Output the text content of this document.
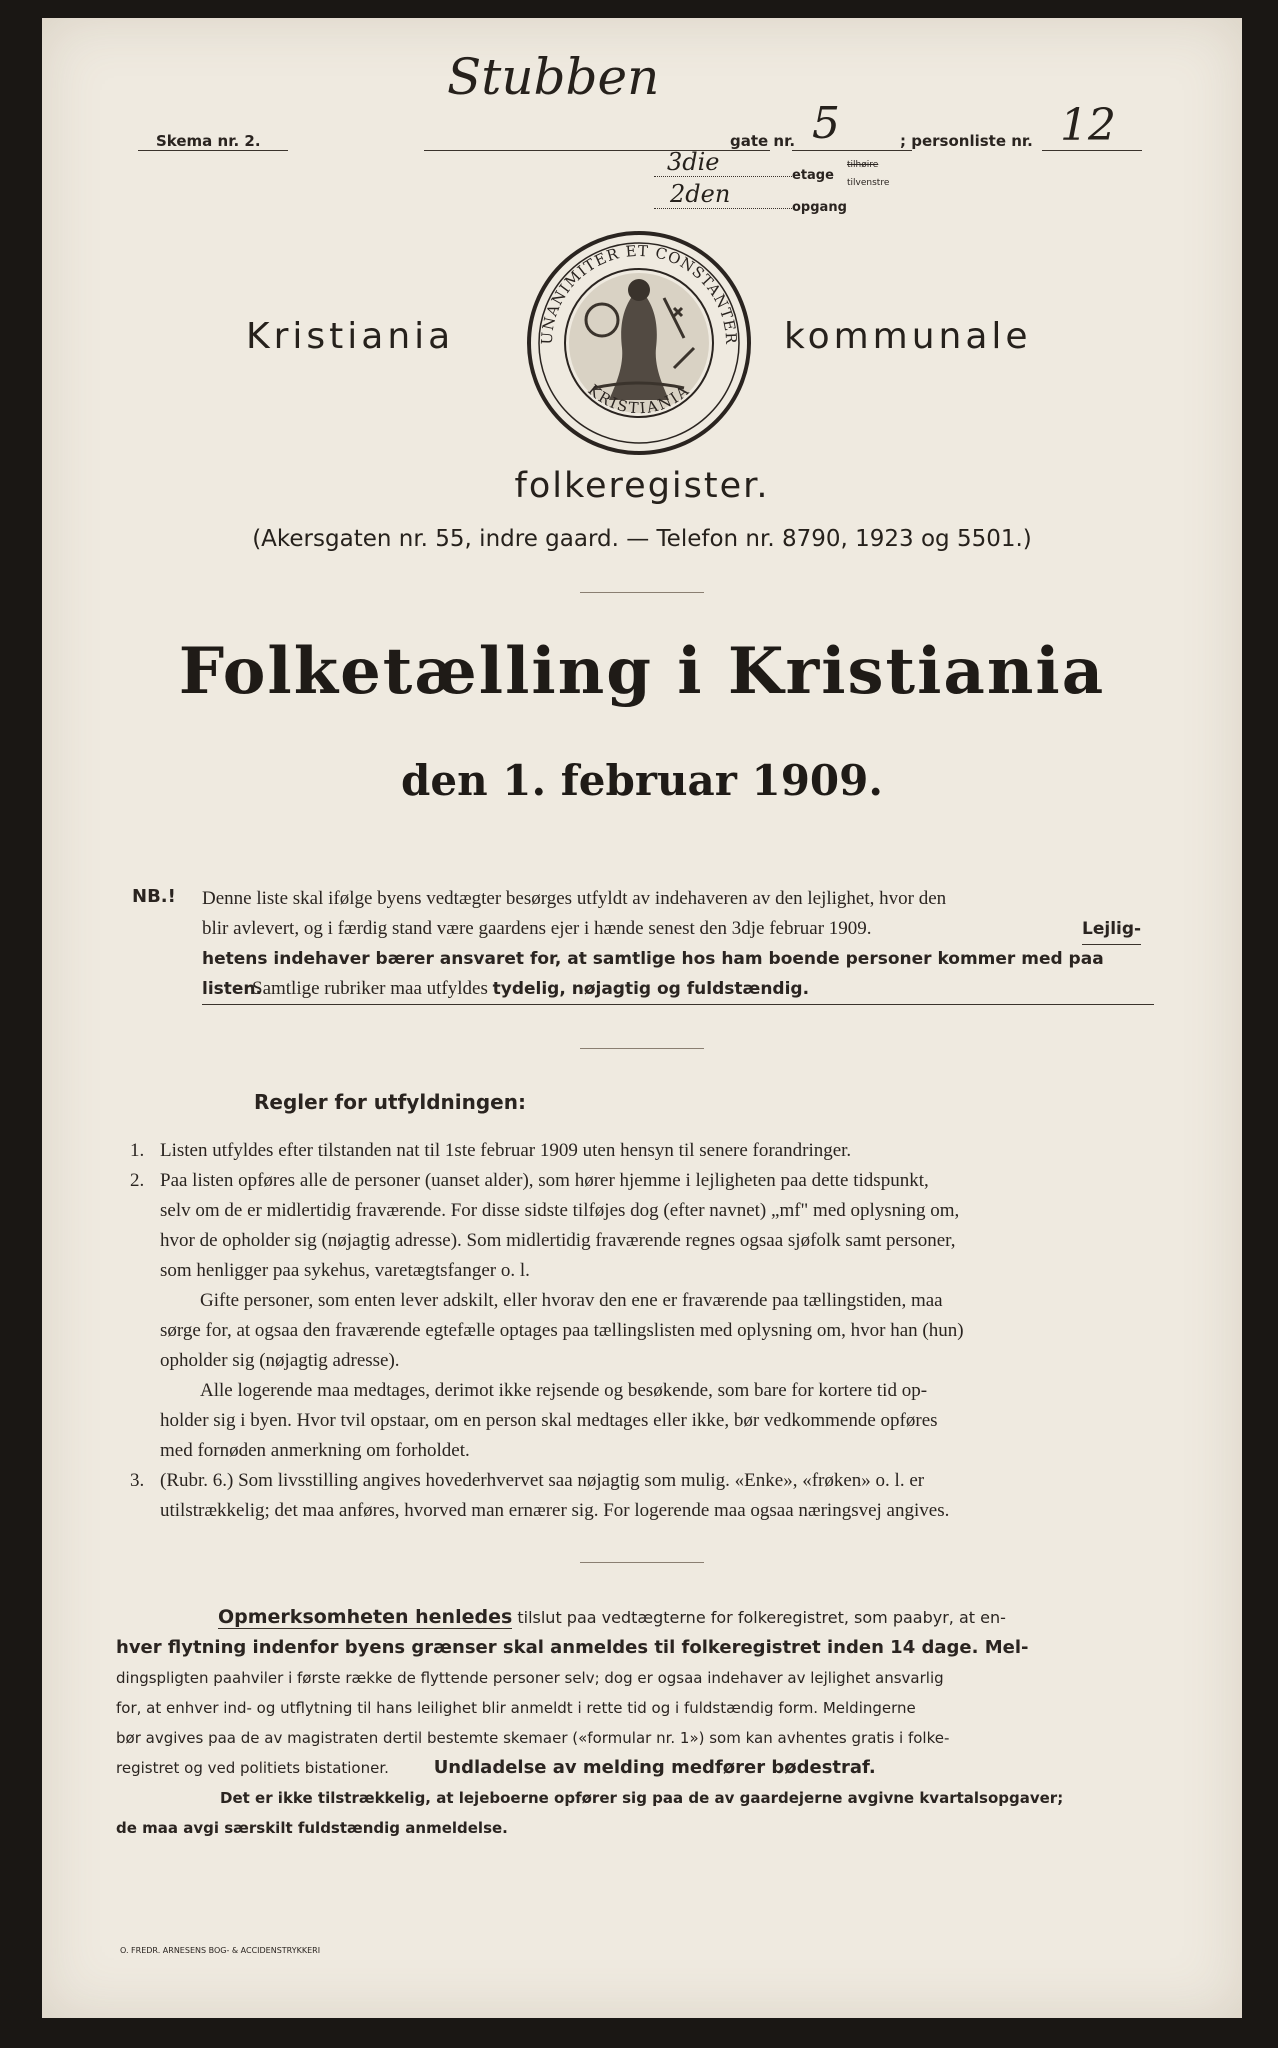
Skema nr. 2.
Stubben
gate nr. 5	; personliste nr. 12
3die	etage
tilhøire
tilvenstre
2den	opgang
Kristiania	kommunale
UNANIMITER ET CONSTANTER
KRISTIANIA
folkeregister.
(Akersgaten nr. 55, indre gaard. — Telefon nr. 8790, 1923 og 5501.)
Folketælling i Kristiania
den 1. februar 1909.
NB.! Denne liste skal ifølge byens vedtægter besørges utfyldt av indehaveren av den lejlighet, hvor den
blir avlevert, og i færdig stand være gaardens ejer i hænde senest den 3dje februar 1909.	Lejlig-
hetens indehaver bærer ansvaret for, at samtlige hos ham boende personer kommer med paa listen.
Samtlige rubriker maa utfyldes tydelig, nøjagtig og fuldstændig.
Regler for utfyldningen:
1. Listen utfyldes efter tilstanden nat til 1ste februar 1909 uten hensyn til senere forandringer.
2. Paa listen opføres alle de personer (uanset alder), som hører hjemme i lejligheten paa dette tidspunkt,
selv om de er midlertidig fraværende. For disse sidste tilføjes dog (efter navnet) „mf" med oplysning om,
hvor de opholder sig (nøjagtig adresse). Som midlertidig fraværende regnes ogsaa sjøfolk samt personer,
som henligger paa sykehus, varetægtsfanger o. l.
Gifte personer, som enten lever adskilt, eller hvorav den ene er fraværende paa tællingstiden, maa
sørge for, at ogsaa den fraværende egtefælle optages paa tællingslisten med oplysning om, hvor han (hun)
opholder sig (nøjagtig adresse).
Alle logerende maa medtages, derimot ikke rejsende og besøkende, som bare for kortere tid op-
holder sig i byen. Hvor tvil opstaar, om en person skal medtages eller ikke, bør vedkommende opføres
med fornøden anmerkning om forholdet.
3. (Rubr. 6.) Som livsstilling angives hovederhvervet saa nøjagtig som mulig. «Enke», «frøken» o. l. er
utilstrækkelig; det maa anføres, hvorved man ernærer sig. For logerende maa ogsaa næringsvej angives.
Opmerksomheten henledes tilslut paa vedtægterne for folkeregistret, som paabyr, at en-
hver flytning indenfor byens grænser skal anmeldes til folkeregistret inden 14 dage. Mel-
dingspligten paahviler i første række de flyttende personer selv; dog er ogsaa indehaver av lejlighet ansvarlig
for, at enhver ind- og utflytning til hans leilighet blir anmeldt i rette tid og i fuldstændig form. Meldingerne
bør avgives paa de av magistraten dertil bestemte skemaer («formular nr. 1») som kan avhentes gratis i folke-
registret og ved politiets bistationer. Undladelse av melding medfører bødestraf.
Det er ikke tilstrækkelig, at lejeboerne opfører sig paa de av gaardejerne avgivne kvartalsopgaver;
de maa avgi særskilt fuldstændig anmeldelse.
O. FREDR. ARNESENS BOG- & ACCIDENSTRYKKERI
